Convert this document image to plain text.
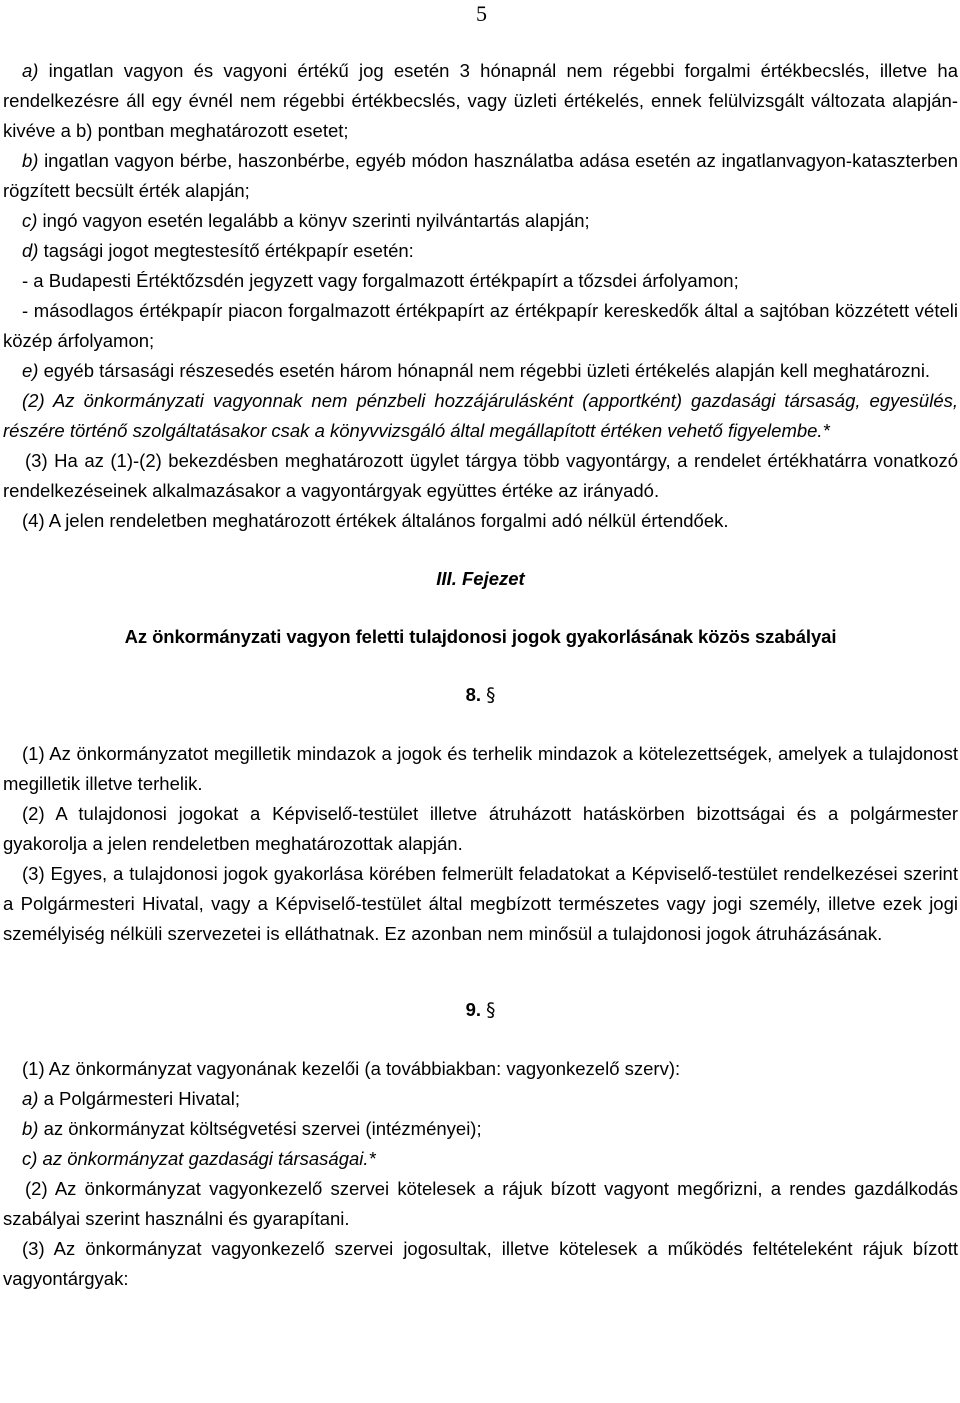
5

a) ingatlan vagyon és vagyoni értékű jog esetén 3 hónapnál nem régebbi forgalmi értékbecslés, illetve ha rendelkezésre áll egy évnél nem régebbi értékbecslés, vagy üzleti értékelés, ennek felülvizsgált változata alapján- kivéve a b) pontban meghatározott esetet;

b) ingatlan vagyon bérbe, haszonbérbe, egyéb módon használatba adása esetén az ingatlanvagyon-kataszterben rögzített becsült érték alapján;

c) ingó vagyon esetén legalább a könyv szerinti nyilvántartás alapján;

d) tagsági jogot megtestesítő értékpapír esetén:

- a Budapesti Értéktőzsdén jegyzett vagy forgalmazott értékpapírt a tőzsdei árfolyamon;

- másodlagos értékpapír piacon forgalmazott értékpapírt az értékpapír kereskedők által a sajtóban közzétett vételi közép árfolyamon;

e) egyéb társasági részesedés esetén három hónapnál nem régebbi üzleti értékelés alapján kell meghatározni.

(2) Az önkormányzati vagyonnak nem pénzbeli hozzájárulásként (apportként) gazdasági társaság, egyesülés, részére történő szolgáltatásakor csak a könyvvizsgáló által megállapított értéken vehető figyelembe.*

(3) Ha az (1)-(2) bekezdésben meghatározott ügylet tárgya több vagyontárgy, a rendelet értékhatárra vonatkozó rendelkezéseinek alkalmazásakor a vagyontárgyak együttes értéke az irányadó.

(4) A jelen rendeletben meghatározott értékek általános forgalmi adó nélkül értendőek.

III. Fejezet

Az önkormányzati vagyon feletti tulajdonosi jogok gyakorlásának közös szabályai

8. §

(1) Az önkormányzatot megilletik mindazok a jogok és terhelik mindazok a kötelezettségek, amelyek a tulajdonost megilletik illetve terhelik.

(2) A tulajdonosi jogokat a Képviselő-testület illetve átruházott hatáskörben bizottságai és a polgármester gyakorolja a jelen rendeletben meghatározottak alapján.

(3) Egyes, a tulajdonosi jogok gyakorlása körében felmerült feladatokat a Képviselő-testület rendelkezései szerint a Polgármesteri Hivatal, vagy a Képviselő-testület által megbízott természetes vagy jogi személy, illetve ezek jogi személyiség nélküli szervezetei is elláthatnak. Ez azonban nem minősül a tulajdonosi jogok átruházásának.

9. §

(1) Az önkormányzat vagyonának kezelői (a továbbiakban: vagyonkezelő szerv):

a) a Polgármesteri Hivatal;

b) az önkormányzat költségvetési szervei (intézményei);

c) az önkormányzat gazdasági társaságai.*

(2) Az önkormányzat vagyonkezelő szervei kötelesek a rájuk bízott vagyont megőrizni, a rendes gazdálkodás szabályai szerint használni és gyarapítani.

(3) Az önkormányzat vagyonkezelő szervei jogosultak, illetve kötelesek a működés feltételeként rájuk bízott vagyontárgyak:
